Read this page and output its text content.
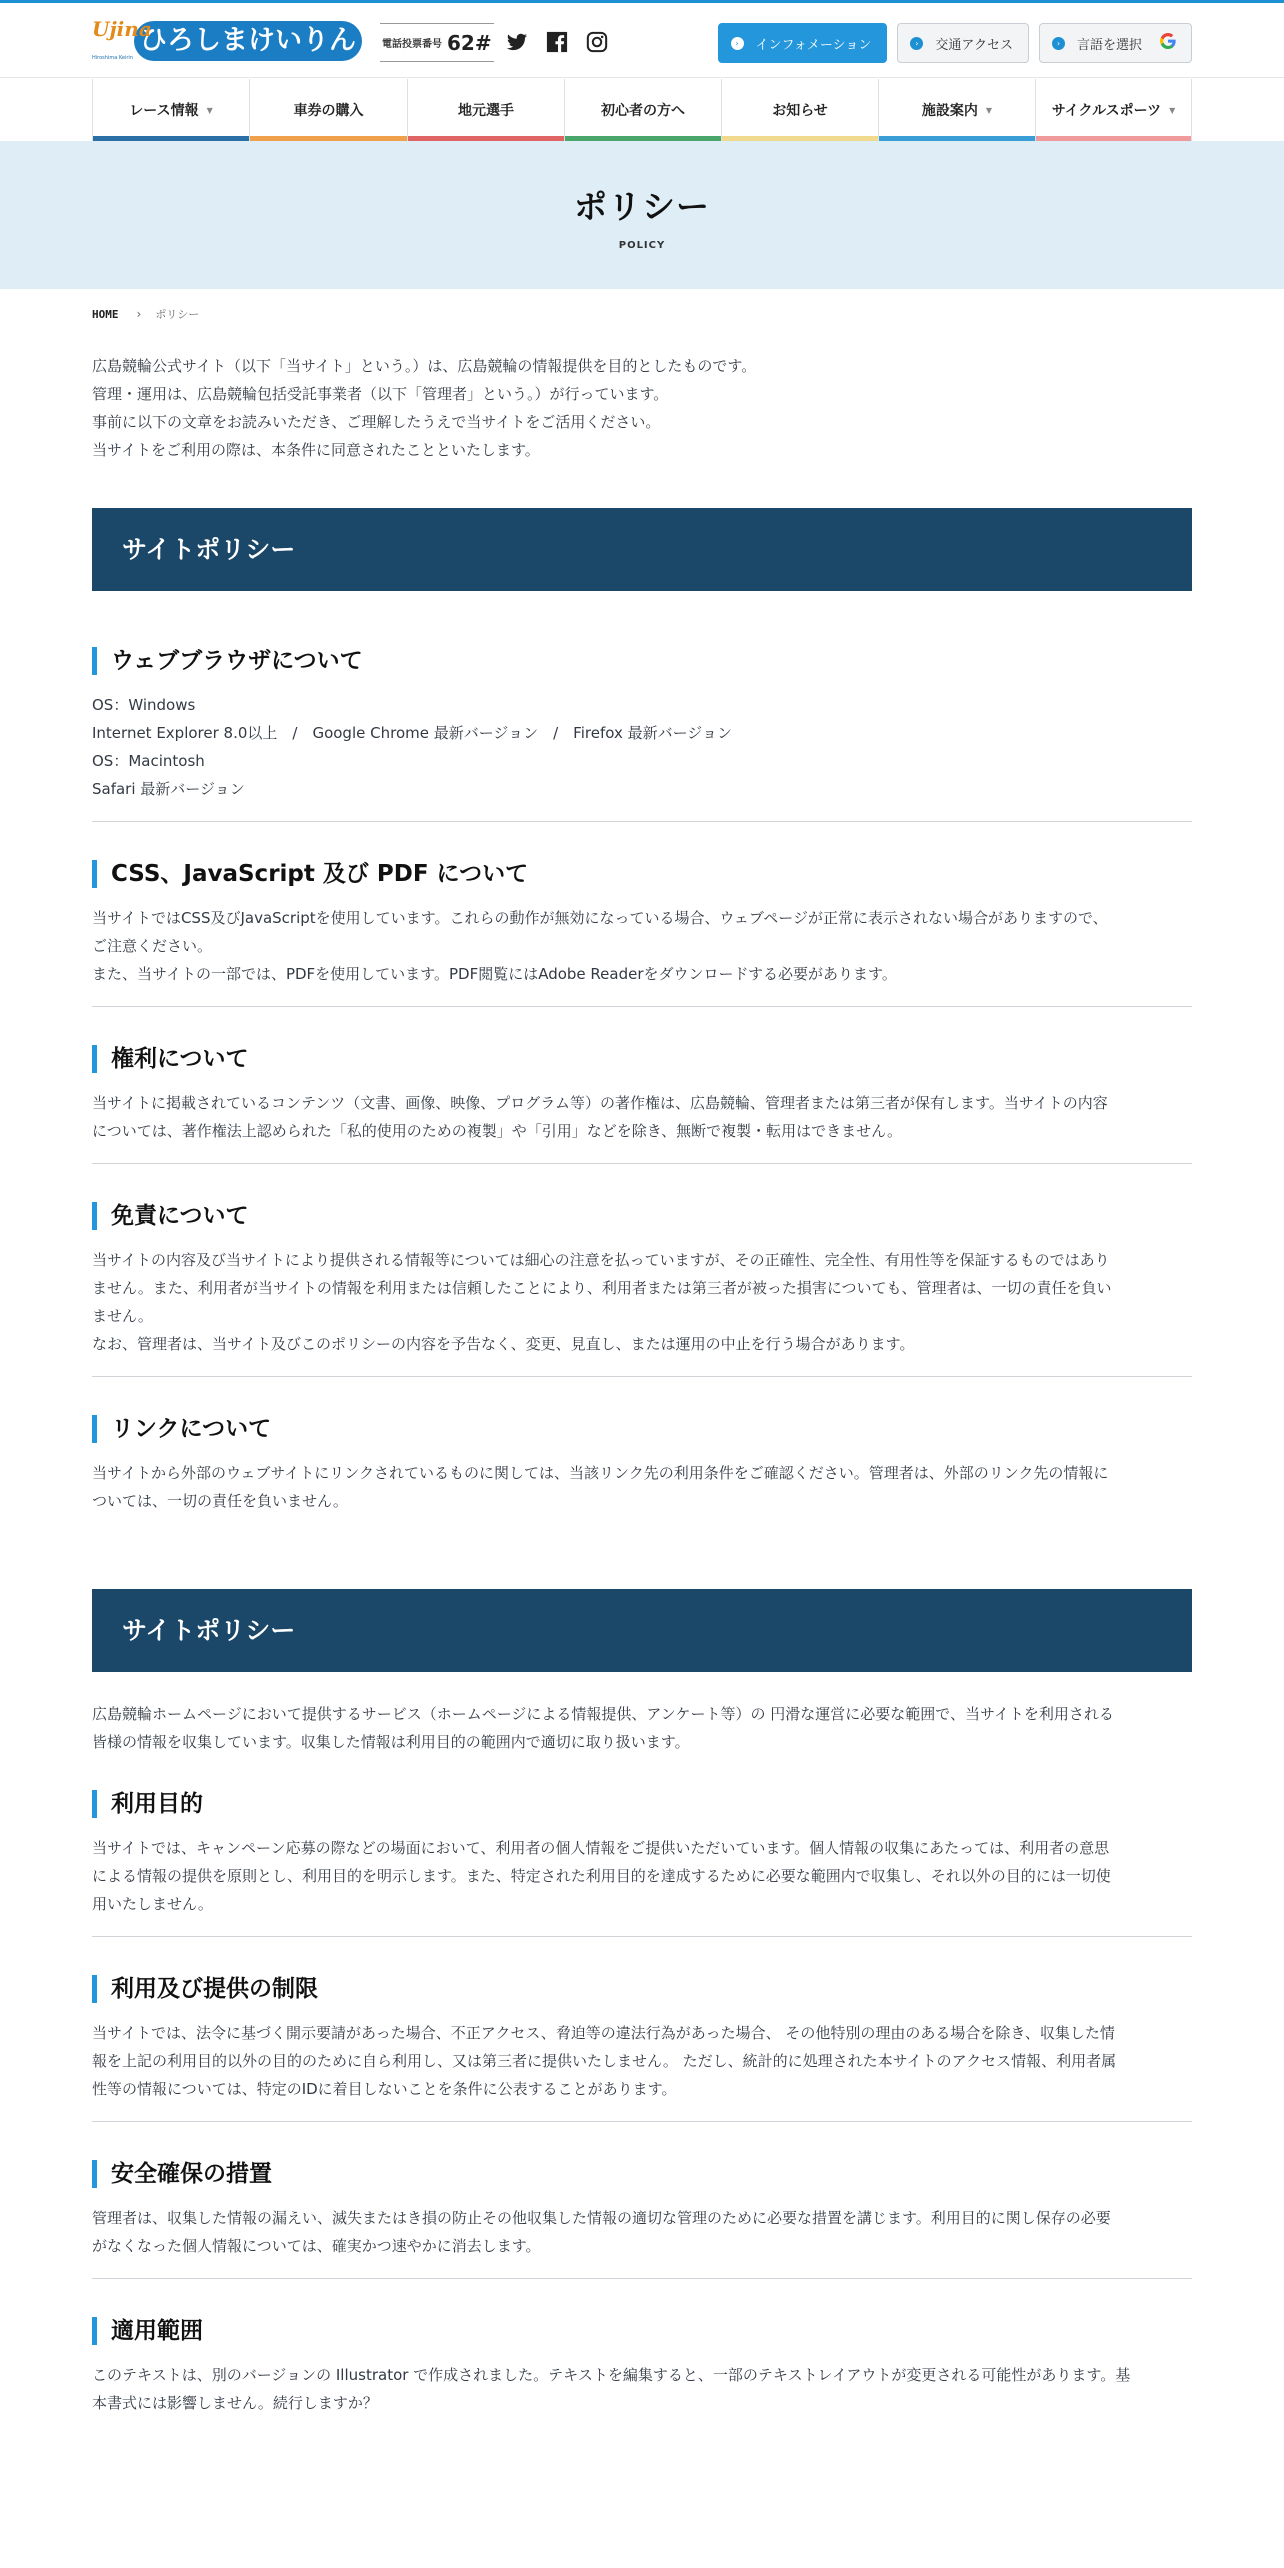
Ujina
Hiroshima Keirin
ひろしまけいりん	電話投票番号 62#	›	インフォメーション	›	交通アクセス	›	言語を選択
レース情報 ▼	車券の購入	地元選手	初心者の方へ	お知らせ	施設案内 ▼	サイクルスポーツ ▼
ポリシー
POLICY
HOME › ポリシー

広島競輪公式サイト（以下「当サイト」という。）は、広島競輪の情報提供を目的としたものです。

管理・運用は、広島競輪包括受託事業者（以下「管理者」という。）が行っています。

事前に以下の文章をお読みいただき、ご理解したうえで当サイトをご活用ください。

当サイトをご利用の際は、本条件に同意されたことといたします。

サイトポリシー
ウェブブラウザについて

OS：Windows

Internet Explorer 8.0以上　/　Google Chrome 最新バージョン　/　Firefox 最新バージョン

OS：Macintosh

Safari 最新バージョン

CSS、JavaScript 及び PDF について

当サイトではCSS及びJavaScriptを使用しています。これらの動作が無効になっている場合、ウェブページが正常に表示されない場合がありますので、

ご注意ください。

また、当サイトの一部では、PDFを使用しています。PDF閲覧にはAdobe Readerをダウンロードする必要があります。

権利について

当サイトに掲載されているコンテンツ（文書、画像、映像、プログラム等）の著作権は、広島競輪、管理者または第三者が保有します。当サイトの内容

については、著作権法上認められた「私的使用のための複製」や「引用」などを除き、無断で複製・転用はできません。

免責について

当サイトの内容及び当サイトにより提供される情報等については細心の注意を払っていますが、その正確性、完全性、有用性等を保証するものではあり

ません。また、利用者が当サイトの情報を利用または信頼したことにより、利用者または第三者が被った損害についても、管理者は、一切の責任を負い

ません。

なお、管理者は、当サイト及びこのポリシーの内容を予告なく、変更、見直し、または運用の中止を行う場合があります。

リンクについて

当サイトから外部のウェブサイトにリンクされているものに関しては、当該リンク先の利用条件をご確認ください。管理者は、外部のリンク先の情報に

ついては、一切の責任を負いません。

サイトポリシー

広島競輪ホームページにおいて提供するサービス（ホームページによる情報提供、アンケート等）の 円滑な運営に必要な範囲で、当サイトを利用される

皆様の情報を収集しています。収集した情報は利用目的の範囲内で適切に取り扱います。

利用目的

当サイトでは、キャンペーン応募の際などの場面において、利用者の個人情報をご提供いただいています。個人情報の収集にあたっては、利用者の意思

による情報の提供を原則とし、利用目的を明示します。また、特定された利用目的を達成するために必要な範囲内で収集し、それ以外の目的には一切使

用いたしません。

利用及び提供の制限

当サイトでは、法令に基づく開示要請があった場合、不正アクセス、脅迫等の違法行為があった場合、 その他特別の理由のある場合を除き、収集した情

報を上記の利用目的以外の目的のために自ら利用し、又は第三者に提供いたしません。 ただし、統計的に処理された本サイトのアクセス情報、利用者属

性等の情報については、特定のIDに着目しないことを条件に公表することがあります。

安全確保の措置

管理者は、収集した情報の漏えい、滅失またはき損の防止その他収集した情報の適切な管理のために必要な措置を講じます。利用目的に関し保存の必要

がなくなった個人情報については、確実かつ速やかに消去します。

適用範囲

このテキストは、別のバージョンの Illustrator で作成されました。テキストを編集すると、一部のテキストレイアウトが変更される可能性があります。基

本書式には影響しません。続行しますか？
